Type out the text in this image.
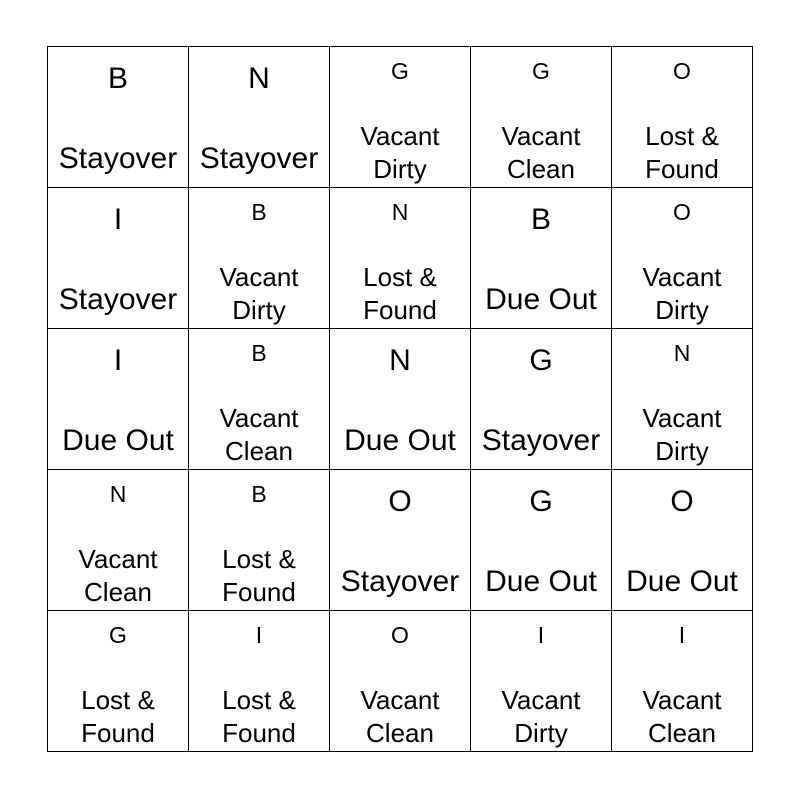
B
Stayover
N
Stayover
G
Vacant
Dirty
G
Vacant
Clean
O
Lost &
Found
I
Stayover
B
Vacant
Dirty
N
Lost &
Found
B
Due Out
O
Vacant
Dirty
I
Due Out
B
Vacant
Clean
N
Due Out
G
Stayover
N
Vacant
Dirty
N
Vacant
Clean
B
Lost &
Found
O
Stayover
G
Due Out
O
Due Out
G
Lost &
Found
I
Lost &
Found
O
Vacant
Clean
I
Vacant
Dirty
I
Vacant
Clean
